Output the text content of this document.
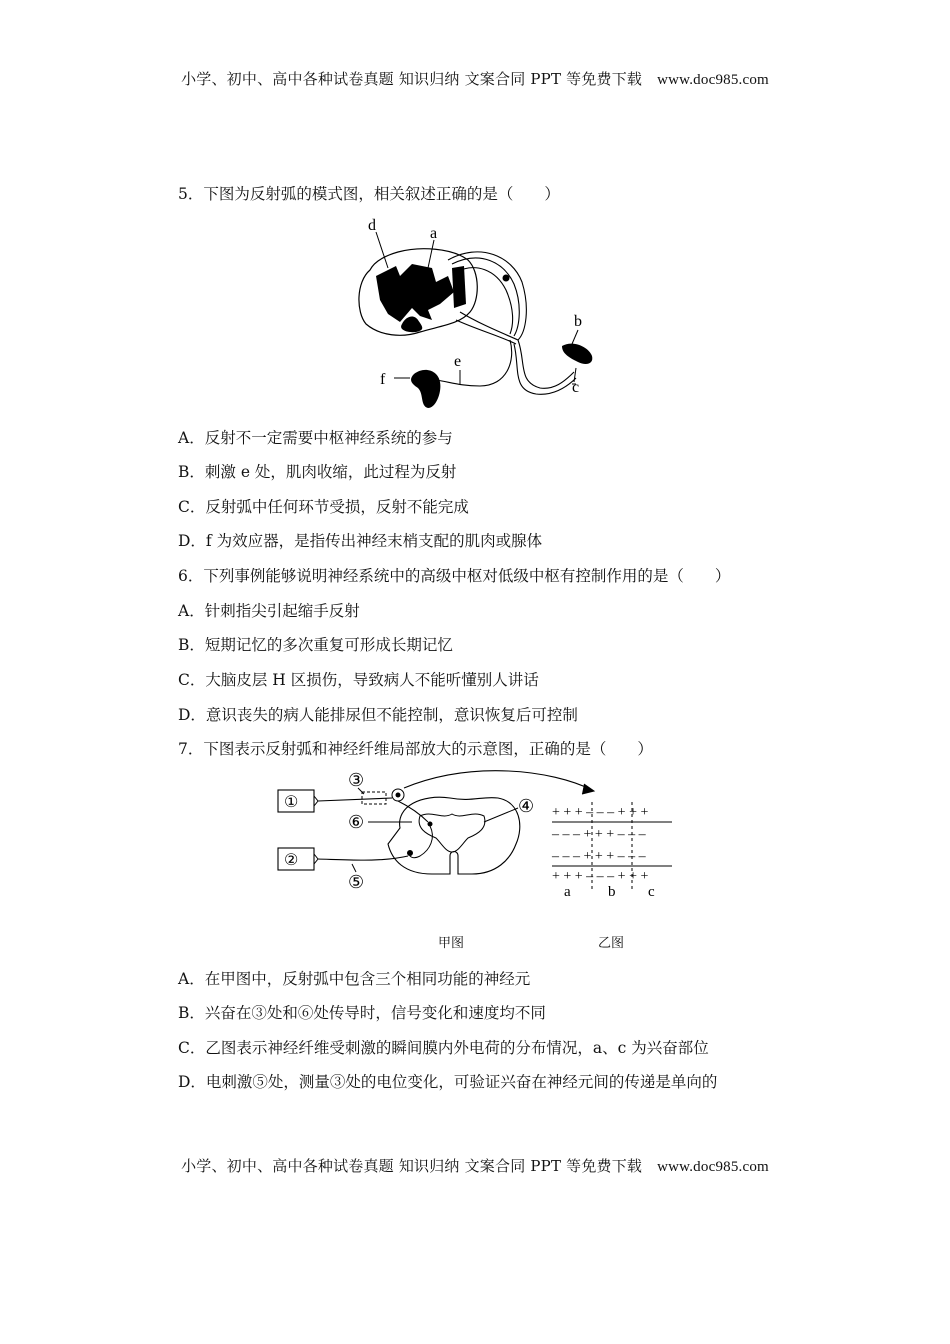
小学、初中、高中各种试卷真题 知识归纳 文案合同 PPT 等免费下载 www.doc985.com
5．下图为反射弧的模式图，相关叙述正确的是（　　）
d	a
b
c
e
f
A．反射不一定需要中枢神经系统的参与
B．刺激 e 处，肌肉收缩，此过程为反射
C．反射弧中任何环节受损，反射不能完成
D．f 为效应器，是指传出神经末梢支配的肌肉或腺体
6．下列事例能够说明神经系统中的高级中枢对低级中枢有控制作用的是（　　）
A．针刺指尖引起缩手反射
B．短期记忆的多次重复可形成长期记忆
C．大脑皮层 H 区损伤，导致病人不能听懂别人讲话
D．意识丧失的病人能排尿但不能控制，意识恢复后可控制
7．下图表示反射弧和神经纤维局部放大的示意图，正确的是（　　）
①
②
③
⑥
⑤
④ + + + – – – + + +
– – – + + + – – –
– – – + + + – – –
+ + + – – – + + +
a b c
甲图	乙图
A．在甲图中，反射弧中包含三个相同功能的神经元
B．兴奋在③处和⑥处传导时，信号变化和速度均不同
C．乙图表示神经纤维受刺激的瞬间膜内外电荷的分布情况，a、c 为兴奋部位
D．电刺激⑤处，测量③处的电位变化，可验证兴奋在神经元间的传递是单向的
小学、初中、高中各种试卷真题 知识归纳 文案合同 PPT 等免费下载 www.doc985.com
